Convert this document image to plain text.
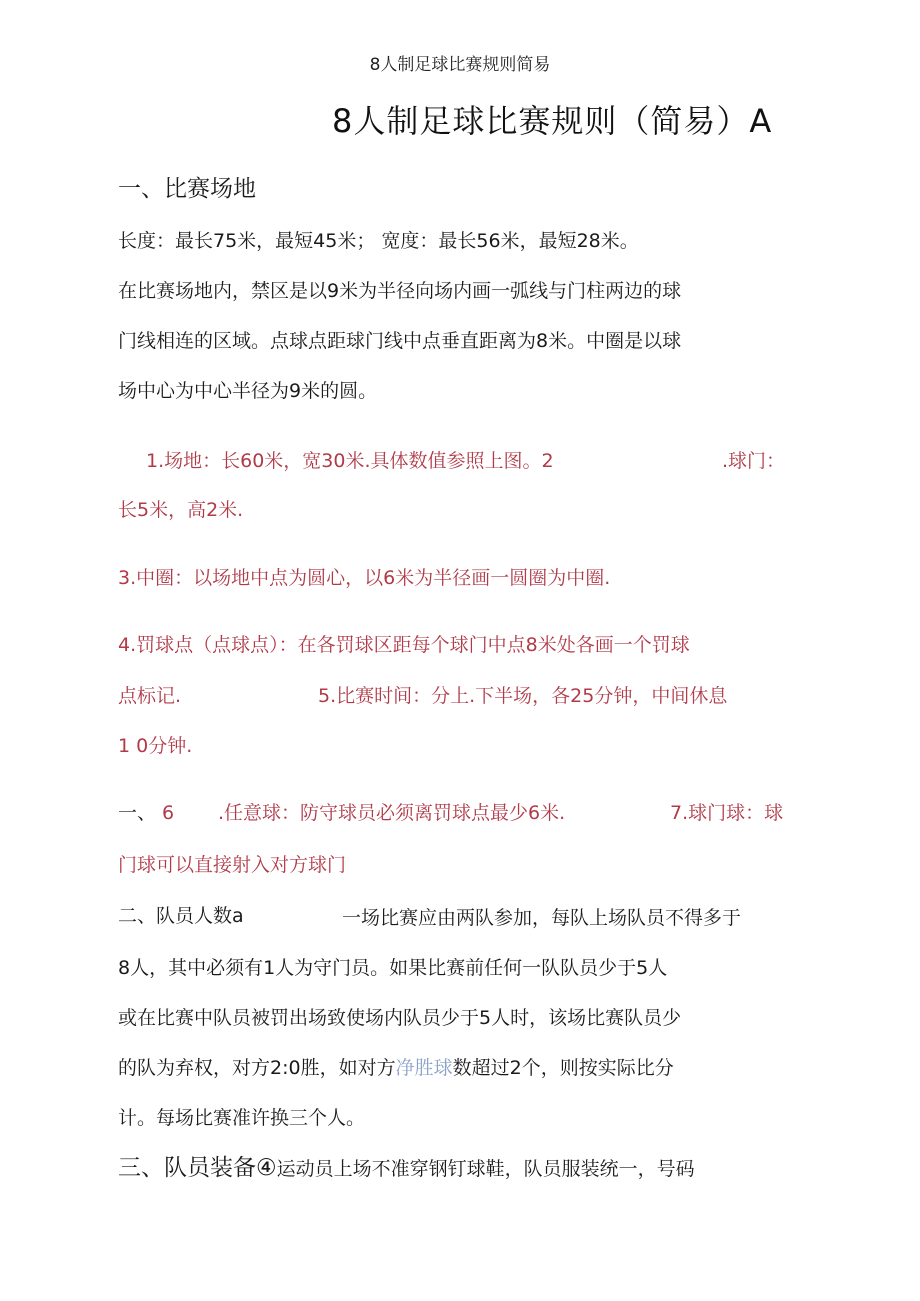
8人制足球比赛规则简易
8人制足球比赛规则（简易）A
一、比赛场地
长度：最长75米，最短45米； 宽度：最长56米，最短28米。
在比赛场地内，禁区是以9米为半径向场内画一弧线与门柱两边的球
门线相连的区域。点球点距球门线中点垂直距离为8米。中圈是以球
场中心为中心半径为9米的圆。
1.场地：长60米，宽30米.具体数值参照上图。2	.球门：
长5米，高2米.
3.中圈：以场地中点为圆心，以6米为半径画一圆圈为中圈.
4.罚球点（点球点）：在各罚球区距每个球门中点8米处各画一个罚球
点标记.	5.比赛时间：分上.下半场，各25分钟，中间休息
1 0分钟.
一、 6 .任意球：防守球员必须离罚球点最少6米.	7.球门球：球
门球可以直接射入对方球门
二、队员人数a	一场比赛应由两队参加，每队上场队员不得多于
8人，其中必须有1人为守门员。如果比赛前任何一队队员少于5人
或在比赛中队员被罚出场致使场内队员少于5人时，该场比赛队员少
的队为弃权，对方2:0胜，如对方净胜球数超过2个，则按实际比分
计。每场比赛准许换三个人。
三、队员装备④运动员上场不准穿钢钉球鞋，队员服装统一，号码
